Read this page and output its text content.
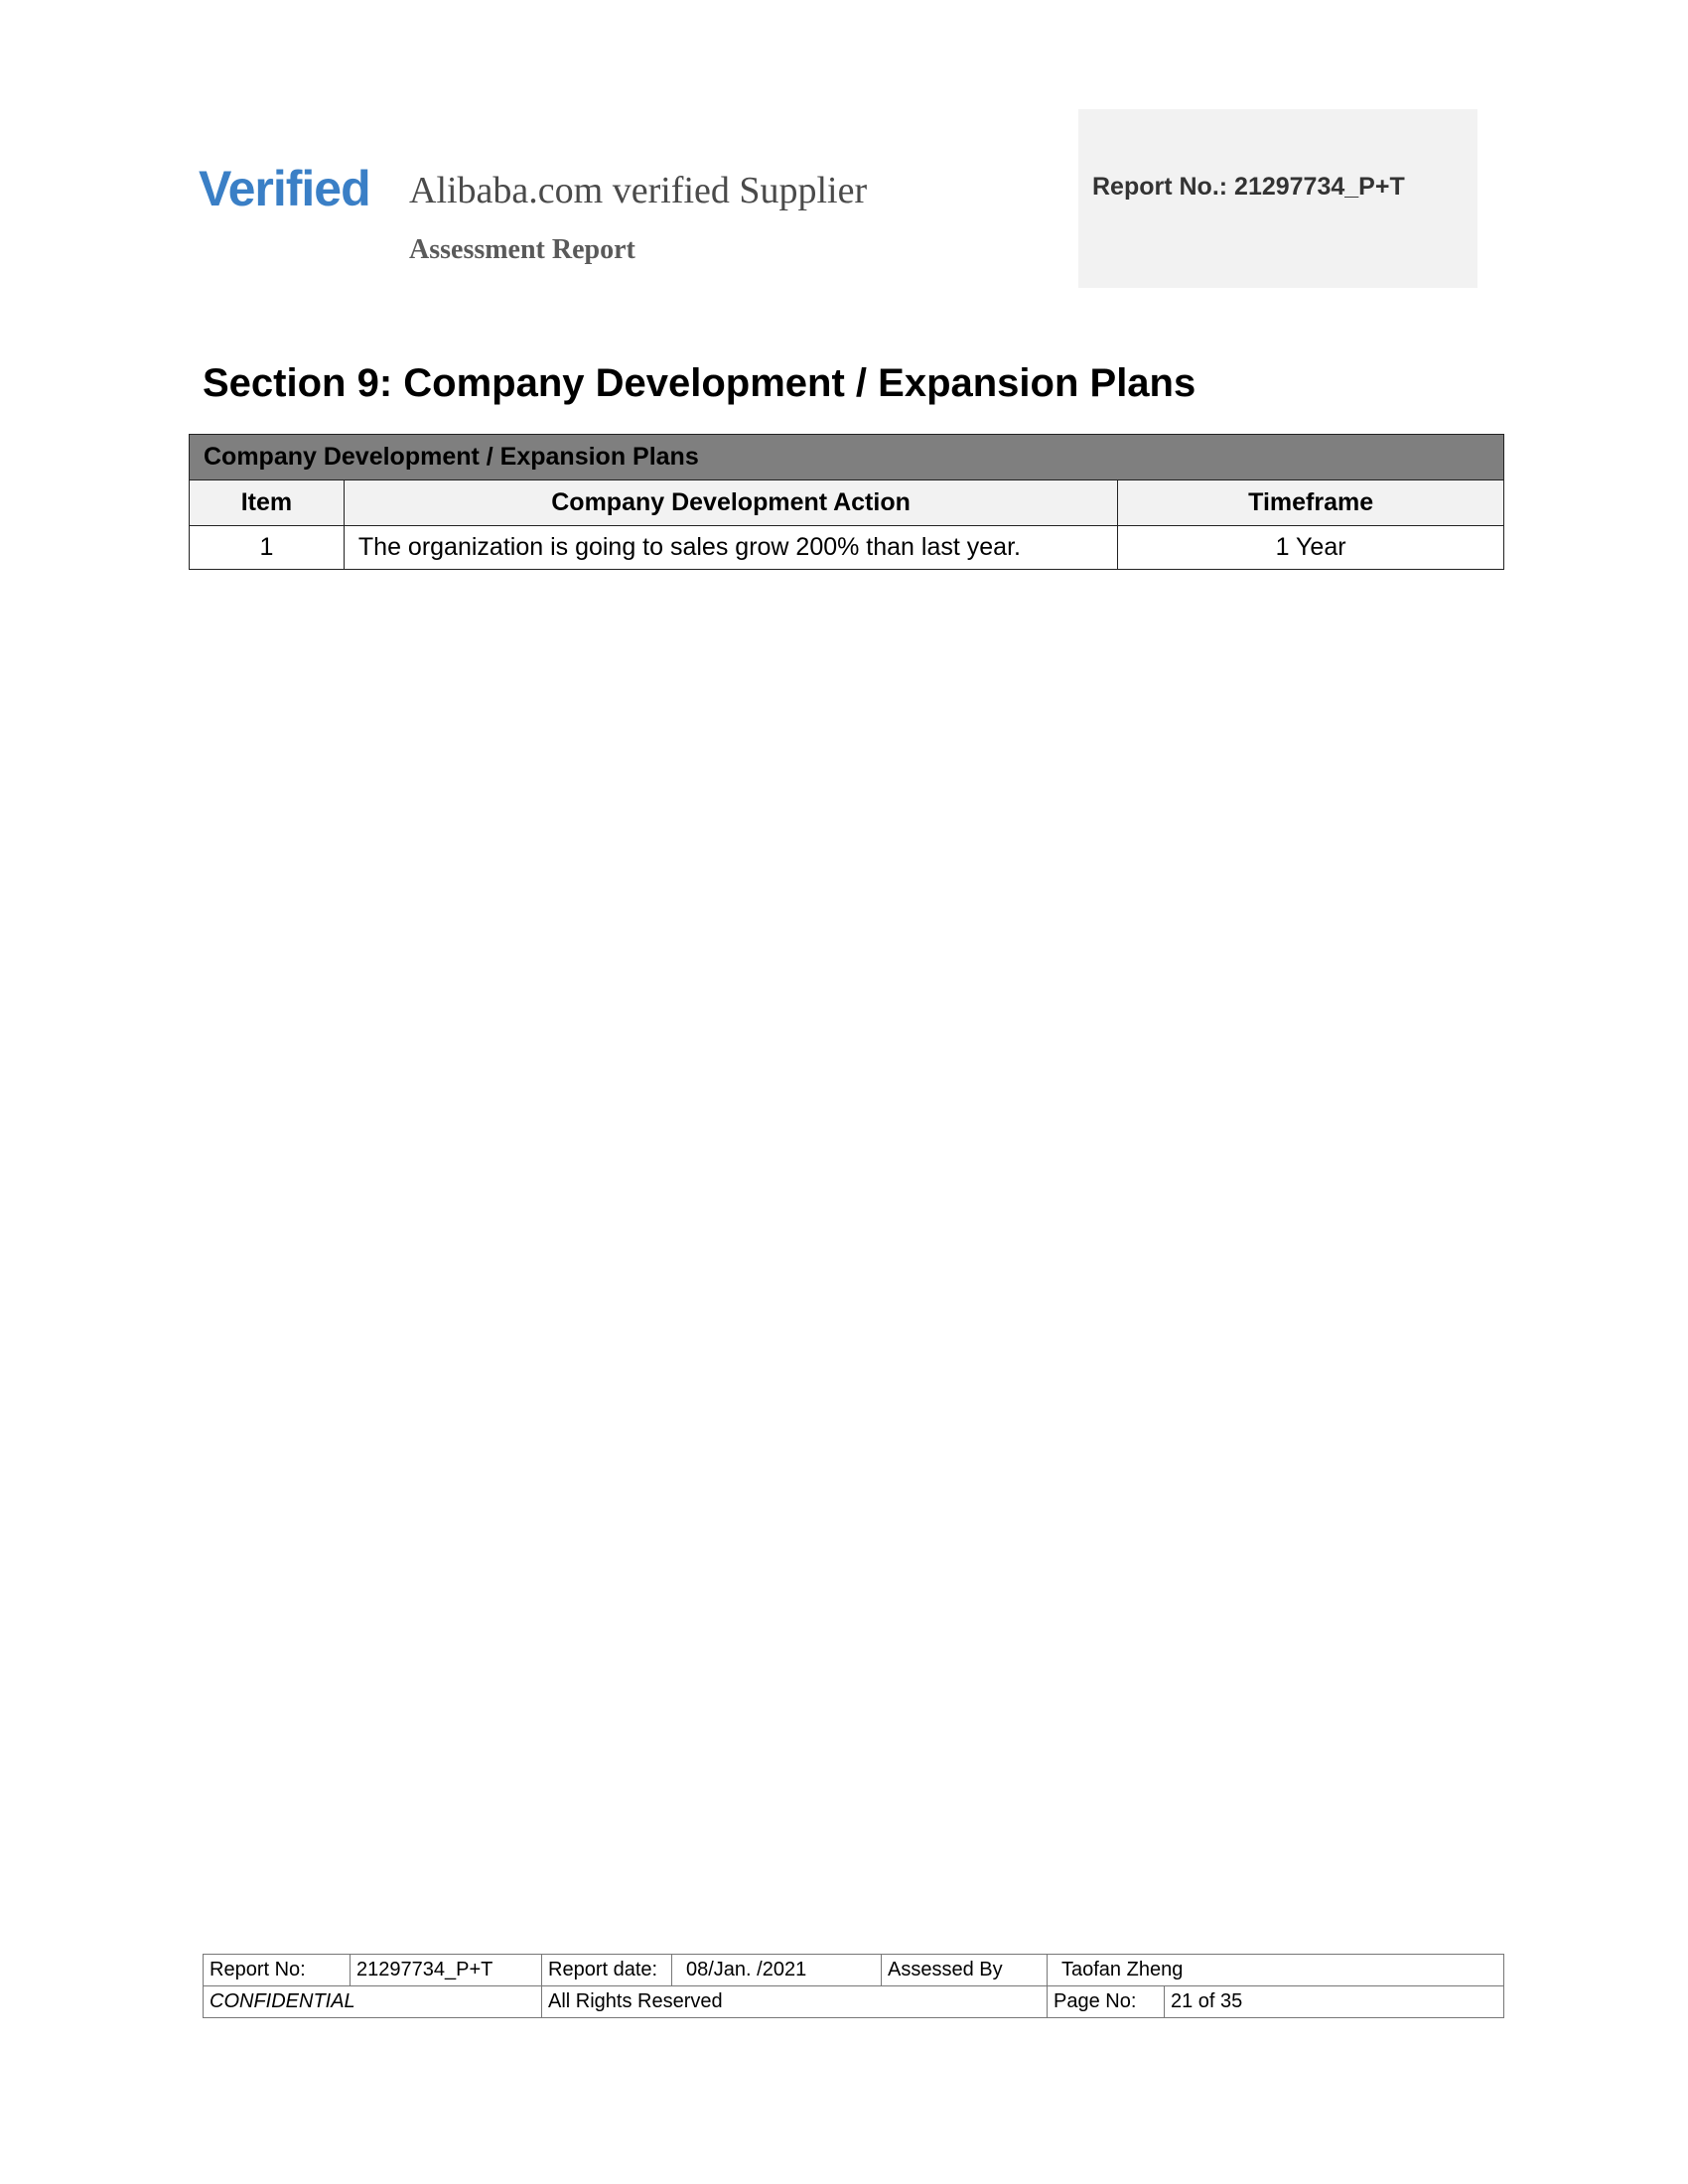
Verified Alibaba.com verified Supplier
Assessment Report
Report No.: 21297734_P+T
Section 9: Company Development / Expansion Plans
Company Development / Expansion Plans		
Item	Company Development Action	Timeframe
1	The organization is going to sales grow 200% than last year.	1 Year
Report No:	21297734_P+T	Report date:	08/Jan. /2021	Assessed By	Taofan Zheng	
CONFIDENTIAL		All Rights Reserved			Page No:	21 of 35
